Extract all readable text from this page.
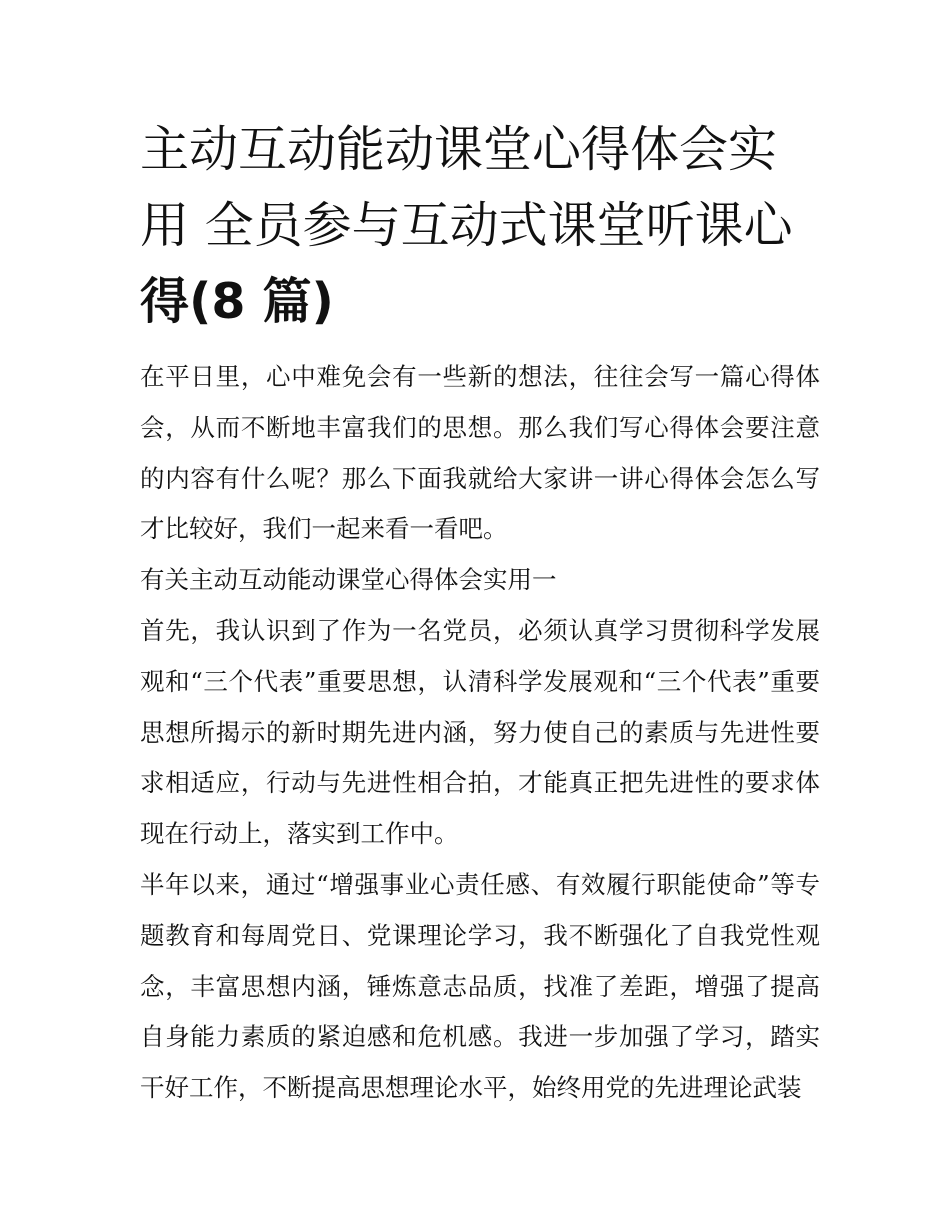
主动互动能动课堂心得体会实
用 全员参与互动式课堂听课心
得(8 篇)

在平日里，心中难免会有一些新的想法，往往会写一篇心得体会，从而不断地丰富我们的思想。那么我们写心得体会要注意的内容有什么呢？那么下面我就给大家讲一讲心得体会怎么写才比较好，我们一起来看一看吧。

有关主动互动能动课堂心得体会实用一

首先，我认识到了作为一名党员，必须认真学习贯彻科学发展观和“三个代表”重要思想，认清科学发展观和“三个代表”重要思想所揭示的新时期先进内涵，努力使自己的素质与先进性要求相适应，行动与先进性相合拍，才能真正把先进性的要求体现在行动上，落实到工作中。

半年以来，通过“增强事业心责任感、有效履行职能使命”等专题教育和每周党日、党课理论学习，我不断强化了自我党性观念，丰富思想内涵，锤炼意志品质，找准了差距，增强了提高自身能力素质的紧迫感和危机感。我进一步加强了学习，踏实干好工作，不断提高思想理论水平，始终用党的先进理论武装
